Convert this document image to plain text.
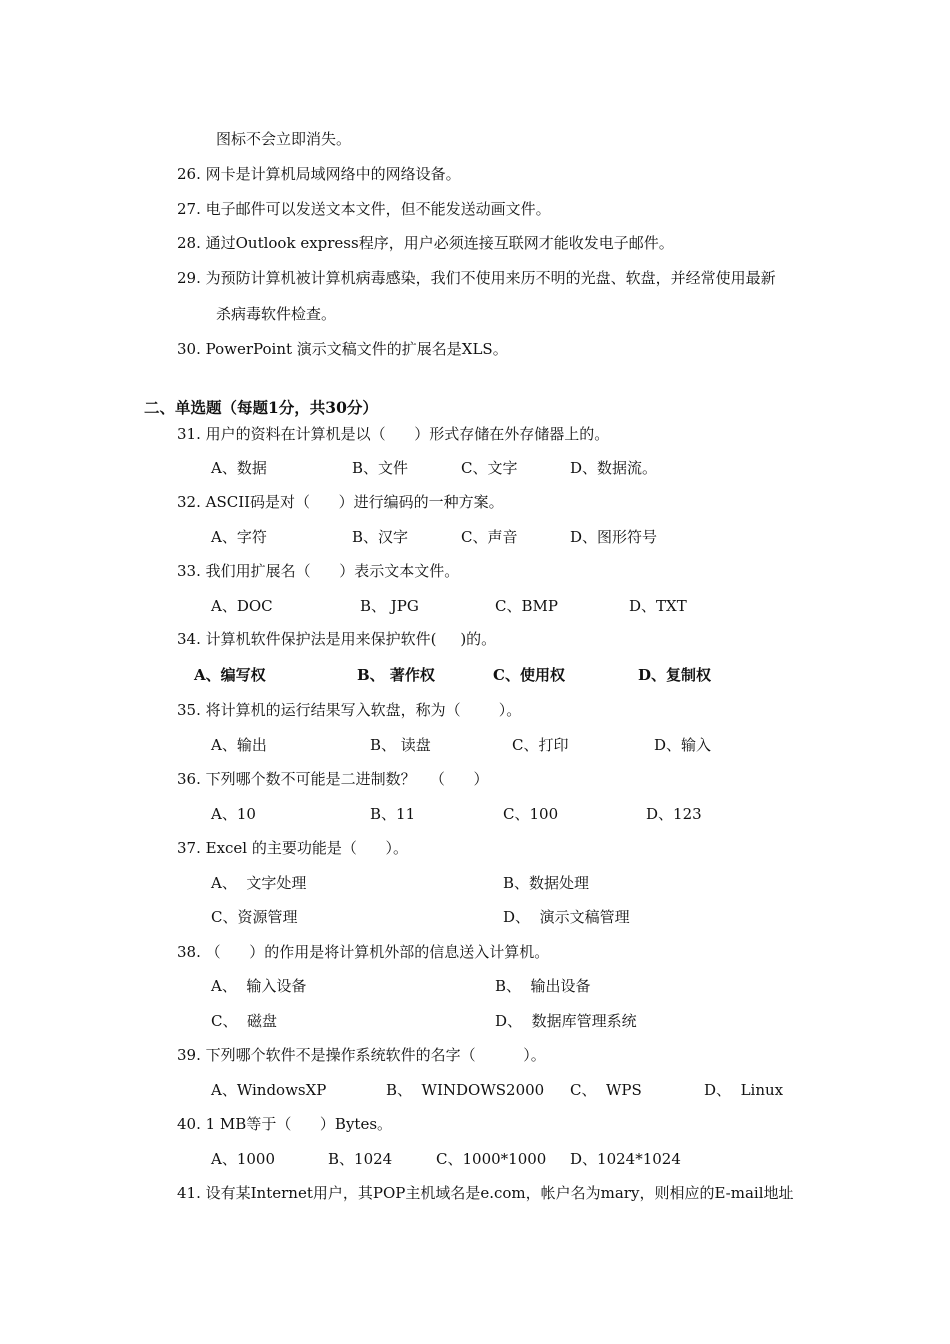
图标不会立即消失。
26. 网卡是计算机局域网络中的网络设备。
27. 电子邮件可以发送文本文件，但不能发送动画文件。
28. 通过Outlook express程序，用户必须连接互联网才能收发电子邮件。
29. 为预防计算机被计算机病毒感染，我们不使用来历不明的光盘、软盘，并经常使用最新
杀病毒软件检查。
30. PowerPoint 演示文稿文件的扩展名是XLS。
二、单选题（每题1分，共30分）
31. 用户的资料在计算机是以（      ）形式存储在外存储器上的。
A、数据	B、文件	C、文字	D、数据流。
32. ASCII码是对（      ）进行编码的一种方案。
A、字符	B、汉字	C、声音	D、图形符号
33. 我们用扩展名（      ）表示文本文件。
A、DOC	B、 JPG	C、BMP	D、TXT
34. 计算机软件保护法是用来保护软件(     )的。
A、编写权	B、 著作权	C、使用权	D、复制权
35. 将计算机的运行结果写入软盘，称为（        ）。
A、输出	B、 读盘	C、打印	D、输入
36. 下列哪个数不可能是二进制数？   （      ）
A、10	B、11	C、100	D、123
37. Excel 的主要功能是（      ）。
A、  文字处理	B、数据处理
C、资源管理	D、  演示文稿管理
38. （      ）的作用是将计算机外部的信息送入计算机。
A、  输入设备	B、  输出设备
C、  磁盘	D、  数据库管理系统
39. 下列哪个软件不是操作系统软件的名字（          ）。
A、WindowsXP	B、  WINDOWS2000 C、  WPS	D、  Linux
40. 1 MB等于（      ）Bytes。
A、1000	B、1024	C、1000*1000 D、1024*1024
41. 设有某Internet用户，其POP主机域名是e.com，帐户名为mary，则相应的E-mail地址
